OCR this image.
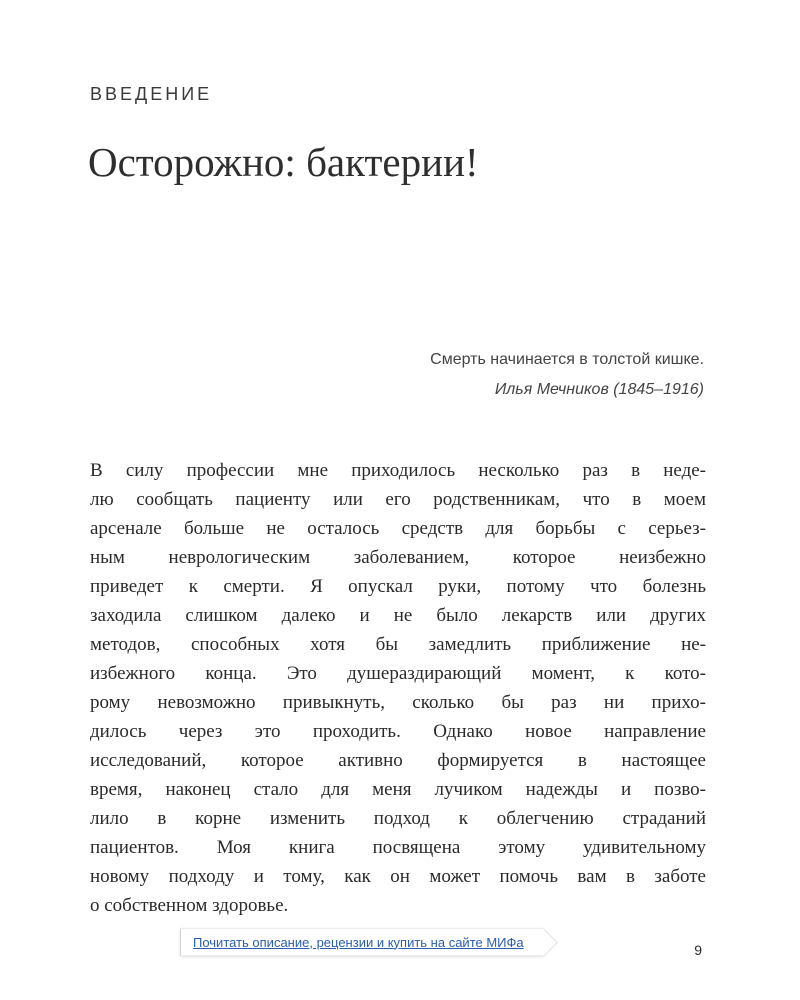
ВВЕДЕНИЕ
Осторожно: бактерии!
Смерть начинается в толстой кишке.
Илья Мечников (1845–1916)
В силу профессии мне приходилось несколько раз в неде-
лю сообщать пациенту или его родственникам, что в моем
арсенале больше не осталось средств для борьбы с серьез-
ным неврологическим заболеванием, которое неизбежно
приведет к смерти. Я опускал руки, потому что болезнь
заходила слишком далеко и не было лекарств или других
методов, способных хотя бы замедлить приближение не-
избежного конца. Это душераздирающий момент, к кото-
рому невозможно привыкнуть, сколько бы раз ни прихо-
дилось через это проходить. Однако новое направление
исследований, которое активно формируется в настоящее
время, наконец стало для меня лучиком надежды и позво-
лило в корне изменить подход к облегчению страданий
пациентов. Моя книга посвящена этому удивительному
новому подходу и тому, как он может помочь вам в заботе
о собственном здоровье.
Почитать описание, рецензии и купить на сайте МИФа	9
